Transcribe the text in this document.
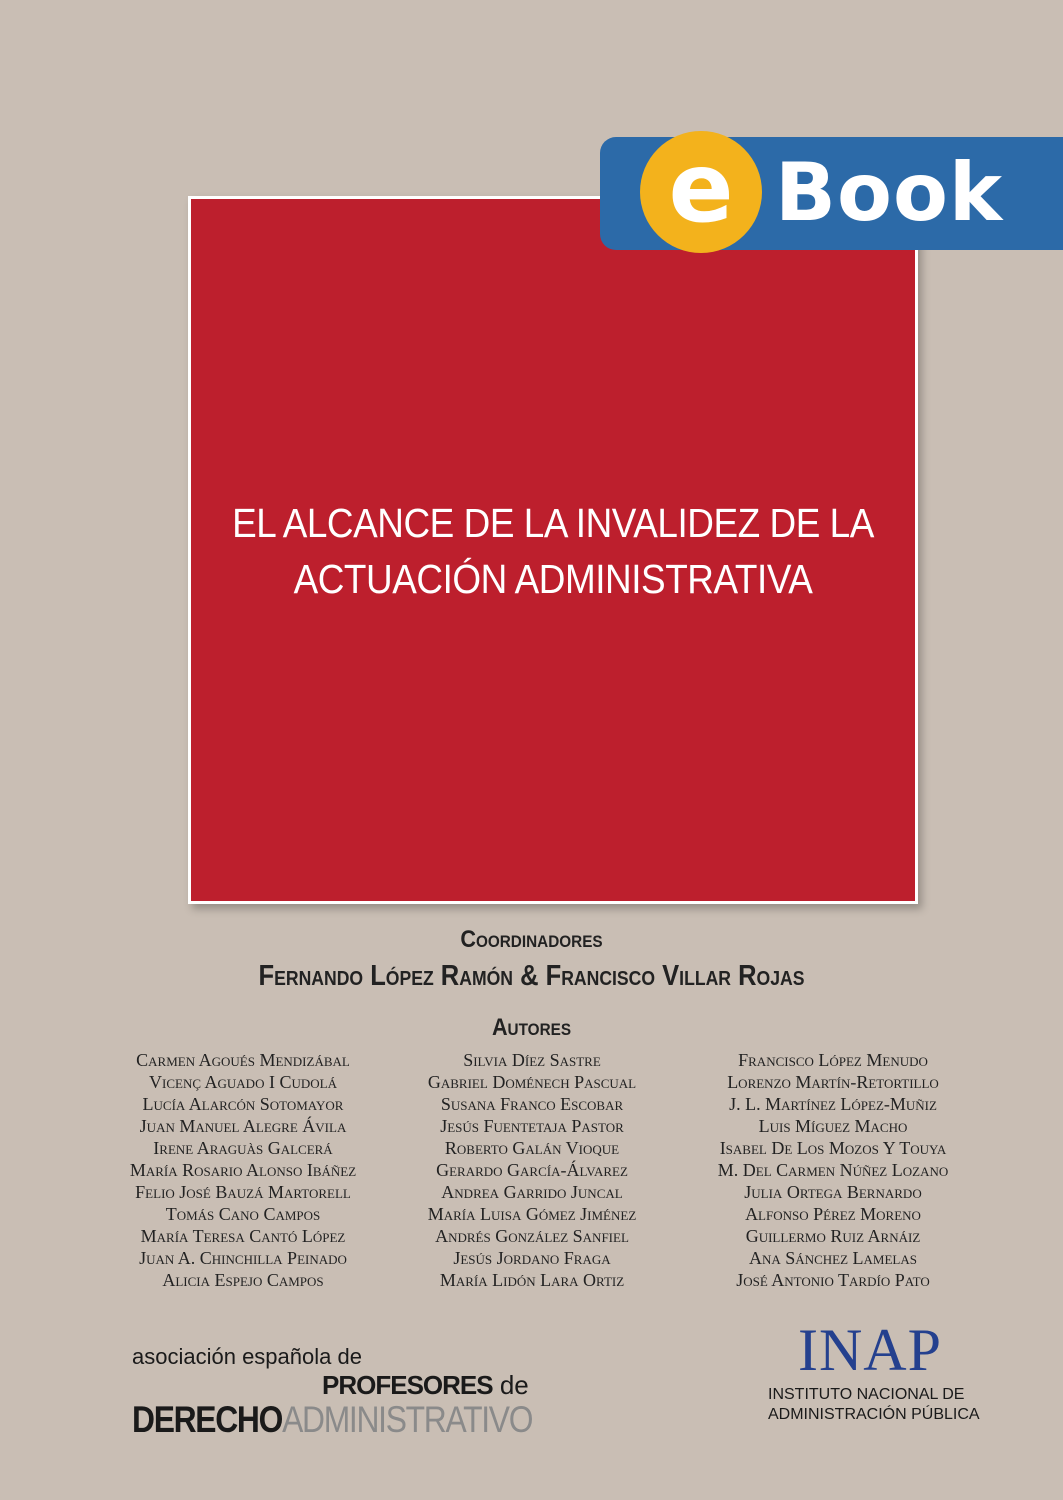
EL ALCANCE DE LA INVALIDEZ DE LA
ACTUACIÓN ADMINISTRATIVA
e Book
Coordinadores
Fernando López Ramón & Francisco Villar Rojas
Autores
Carmen Agoués Mendizábal
Vicenç Aguado I Cudolá
Lucía Alarcón Sotomayor
Juan Manuel Alegre Ávila
Irene Araguàs Galcerá
María Rosario Alonso Ibáñez
Felio José Bauzá Martorell
Tomás Cano Campos
María Teresa Cantó López
Juan A. Chinchilla Peinado
Alicia Espejo Campos
Silvia Díez Sastre
Gabriel Doménech Pascual
Susana Franco Escobar
Jesús Fuentetaja Pastor
Roberto Galán Vioque
Gerardo García-Álvarez
Andrea Garrido Juncal
María Luisa Gómez Jiménez
Andrés González Sanfiel
Jesús Jordano Fraga
María Lidón Lara Ortiz
Francisco López Menudo
Lorenzo Martín-Retortillo
J. L. Martínez López-Muñiz
Luis Míguez Macho
Isabel De Los Mozos Y Touya
M. Del Carmen Núñez Lozano
Julia Ortega Bernardo
Alfonso Pérez Moreno
Guillermo Ruiz Arnáiz
Ana Sánchez Lamelas
José Antonio Tardío Pato
asociación española de
PROFESORES de
DERECHOADMINISTRATIVO
INAP
INSTITUTO NACIONAL DE
ADMINISTRACIÓN PÚBLICA
